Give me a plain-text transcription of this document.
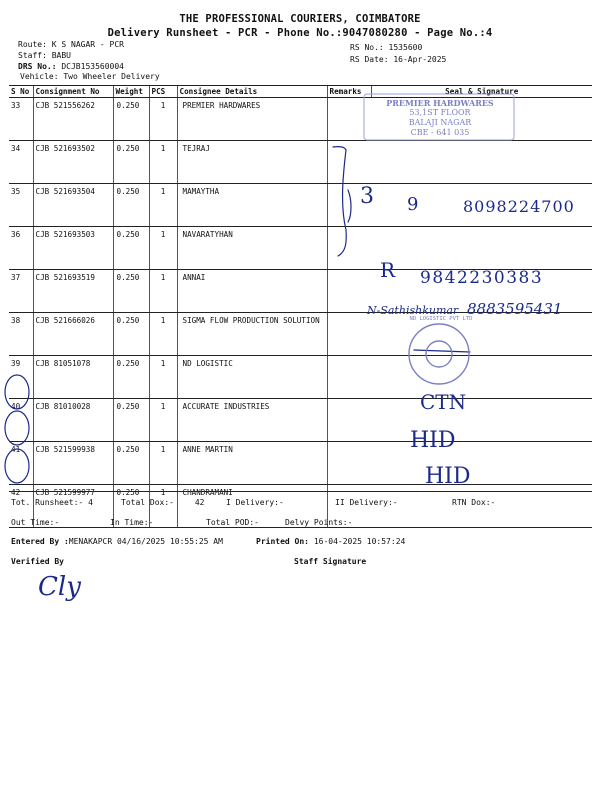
THE PROFESSIONAL COURIERS, COIMBATORE
Delivery Runsheet - PCR - Phone No.:9047080280 - Page No.:4
Route: K S NAGAR - PCR
Staff: BABU
DRS No.: DCJB153560004
Vehicle: Two Wheeler Delivery
RS No.: 1535600
RS Date: 16-Apr-2025
S No	Consignment No	Weight	PCS	Consignee Details	Remarks	Seal & Signature
33	CJB 521556262	0.250	1	PREMIER HARDWARES		
34	CJB 521693502	0.250	1	TEJRAJ		
35	CJB 521693504	0.250	1	MAMAYTHA		
36	CJB 521693503	0.250	1	NAVARATYHAN		
37	CJB 521693519	0.250	1	ANNAI		
38	CJB 521666026	0.250	1	SIGMA FLOW PRODUCTION SOLUTION		
39	CJB 81051078	0.250	1	ND LOGISTIC		
40	CJB 81010028	0.250	1	ACCURATE INDUSTRIES		
41	CJB 521599938	0.250	1	ANNE MARTIN		
42	CJB 521599977	0.250	1	CHANDRAMANI		
Tot. Runsheet:- 4	Total Dox:-	42	I Delivery:-	II Delivery:-	RTN Dox:-
Out Time:-	In Time:-	Total POD:-	Delvy Points:-
Entered By :MENAKAPCR 04/16/2025 10:55:25 AM	Printed On: 16-04-2025 10:57:24
Verified By	Staff Signature
PREMIER HARDWARES
53,1ST FLOOR
BALAJI NAGAR
CBE - 641 035
ND LOGISTIC PVT LTD
3 9	8098224700
R 9842230383
N-Sathishkumar 8883595431
CTN
HID
HID
Cly
